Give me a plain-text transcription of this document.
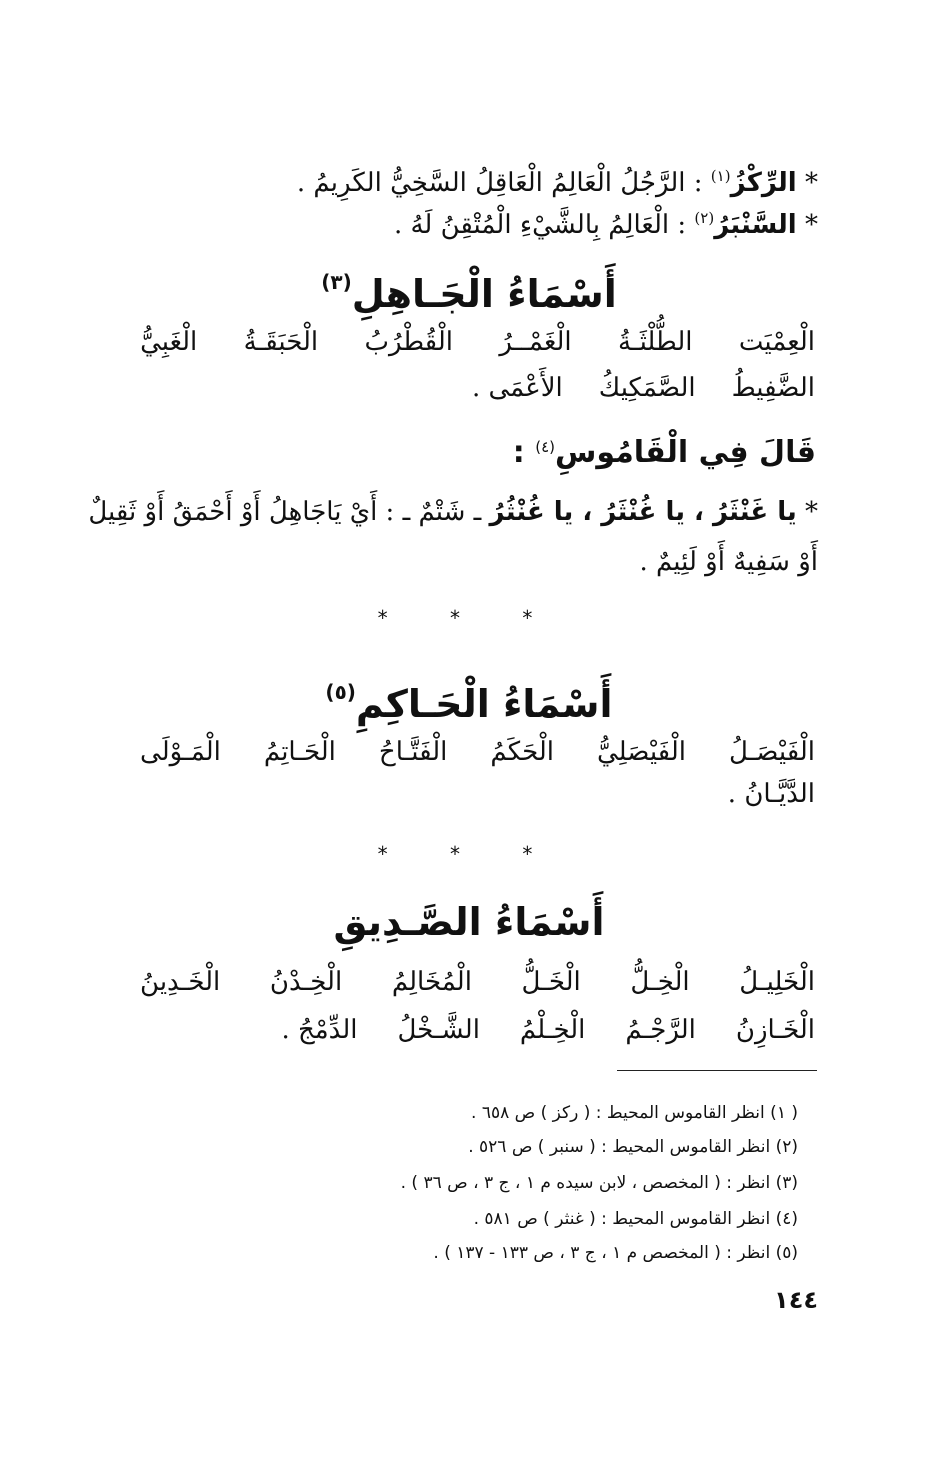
* الرِّكْزُ$^{(١)}$ : الرَّجُلُ الْعَالِمُ الْعَاقِلُ السَّخِيُّ الكَرِيمُ .
* السَّنْبَرُ$^{(٢)}$ : الْعَالِمُ بِالشَّيْءِ الْمُتْقِنُ لَهُ .
أَسْمَاءُ الْجَـاهِلِ$^{(٣)}$
الْعِمْيَت
الطُّلْثَـةُ
الْغَمْــرُ
الْقُطْرُبُ
الْحَبَقَـةُ
الْغَبِيُّ
الضَّفِيطُ
الصَّمَكِيكُ
الأَعْمَى .
قَالَ فِي الْقَامُوسِ$^{(٤)}$ :
* يا غَنْثَرُ ، يا غُنْثَرُ ، يا غُنْثُرُ ـ شَتْمٌ ـ : أَيْ يَاجَاهِلُ أَوْ أَحْمَقُ أَوْ ثَقِيلٌ
أَوْ سَفِيهٌ أَوْ لَئِيمٌ .
* * *
أَسْمَاءُ الْحَـاكِمِ$^{(٥)}$
الْفَيْصَـلُ
الْفَيْصَلِيُّ
الْحَكَمُ
الْفَتَّـاحُ
الْحَـاتِمُ
الْمَـوْلَى
الدَّيَّـانُ .
* * *
أَسْمَاءُ الصَّـدِيقِ
الْخَلِيـلُ
الْخِـلُّ
الْخَـلُّ
الْمُخَالِمُ
الْخِـدْنُ
الْخَـدِينُ
الْخَـازِنُ
الرَّجْـمُ
الْخِـلْمُ
الشَّـخْلُ
الدِّمْجُ .
( ١) انظر القاموس المحيط : ( ركز ) ص ٦٥٨ .
(٢) انظر القاموس المحيط : ( سنبر ) ص ٥٢٦ .
(٣) انظر : ( المخصص ، لابن سيده م ١ ، ج ٣ ، ص ٣٦ ) .
(٤) انظر القاموس المحيط : ( غنثر ) ص ٥٨١ .
(٥) انظر : ( المخصص م ١ ، ج ٣ ، ص ١٣٣ - ١٣٧ ) .
١٤٤
